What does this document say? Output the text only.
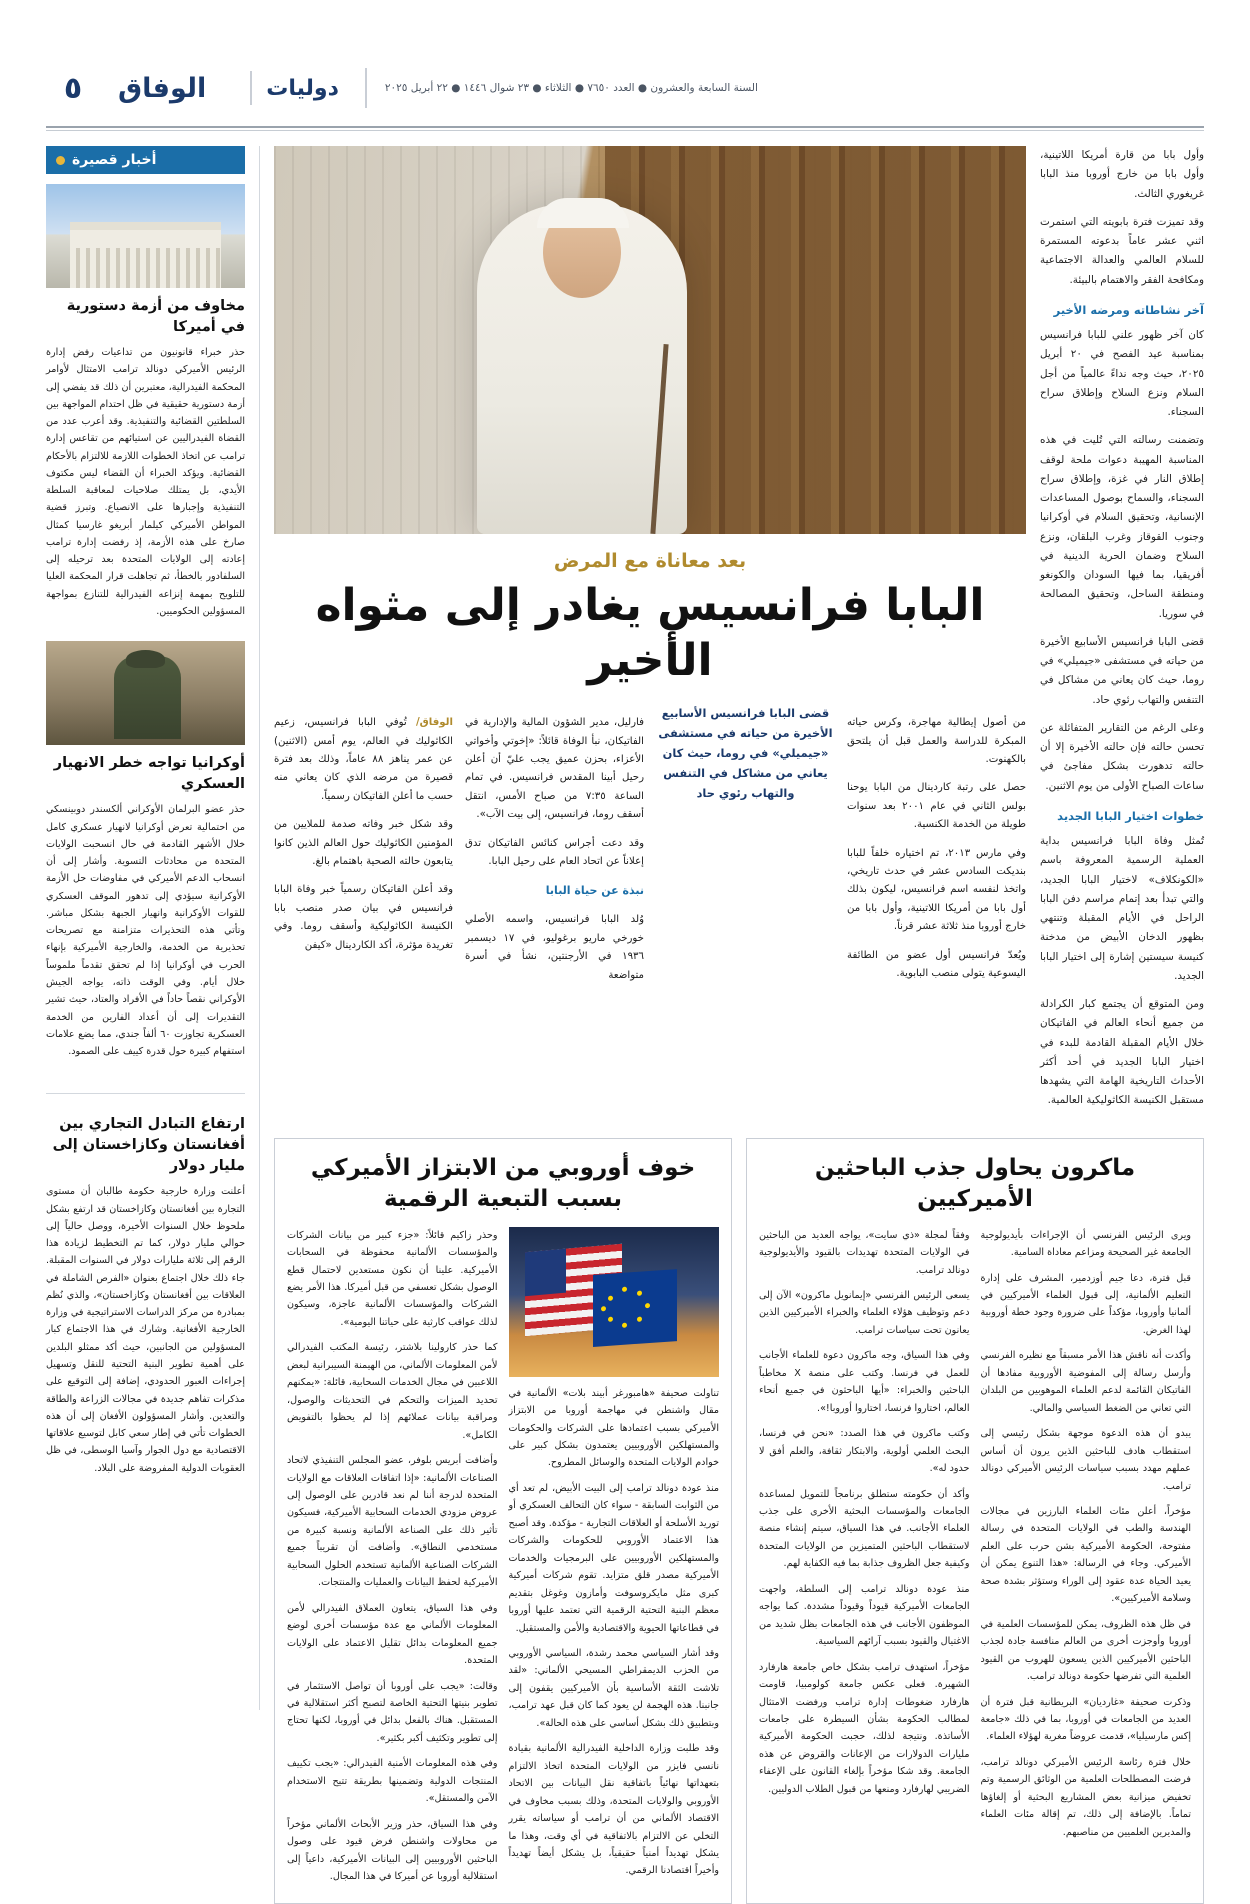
٥	الوفاق	دوليات	السنة السابعة والعشرون ● العدد ٧٦٥٠ ● الثلاثاء ● ٢٣ شوال ١٤٤٦ ● ٢٢ أبريل ٢٠٢٥

وأول بابا من قارة أمريكا اللاتينية، وأول بابا من خارج أوروبا منذ البابا غريغوري الثالث.

وقد تميزت فترة بابويته التي استمرت اثني عشر عاماً بدعوته المستمرة للسلام العالمي والعدالة الاجتماعية ومكافحة الفقر والاهتمام بالبيئة.

آخر نشاطاته ومرضه الأخير

كان آخر ظهور علني للبابا فرانسيس بمناسبة عيد الفصح في ٢٠ أبريل ٢٠٢٥، حيث وجه نداءً عالمياً من أجل السلام ونزع السلاح وإطلاق سراح السجناء.

وتضمنت رسالته التي تُليت في هذه المناسبة المهيبة دعوات ملحة لوقف إطلاق النار في غزة، وإطلاق سراح السجناء، والسماح بوصول المساعدات الإنسانية، وتحقيق السلام في أوكرانيا وجنوب القوقاز وغرب البلقان، ونزع السلاح وضمان الحرية الدينية في أفريقيا، بما فيها السودان والكونغو ومنطقة الساحل، وتحقيق المصالحة في سوريا.

قضى البابا فرانسيس الأسابيع الأخيرة من حياته في مستشفى «جيميلي» في روما، حيث كان يعاني من مشاكل في التنفس والتهاب رئوي حاد.

وعلى الرغم من التقارير المتفائلة عن تحسن حالته فإن حالته الأخيرة إلا أن حالته تدهورت بشكل مفاجئ في ساعات الصباح الأولى من يوم الاثنين.

خطوات اختيار البابا الجديد

تُمثل وفاة البابا فرانسيس بداية العملية الرسمية المعروفة باسم «الكونكلاف» لاختيار البابا الجديد، والتي تبدأ بعد إتمام مراسم دفن البابا الراحل في الأيام المقبلة وتنتهي بظهور الدخان الأبيض من مدخنة كنيسة سيستين إشارة إلى اختيار البابا الجديد.

ومن المتوقع أن يجتمع كبار الكرادلة من جميع أنحاء العالم في الفاتيكان خلال الأيام المقبلة القادمة للبدء في اختيار البابا الجديد في أحد أكثر الأحداث التاريخية الهامة التي يشهدها مستقبل الكنيسة الكاثوليكية العالمية.

بعد معاناة مع المرض
البابا فرانسيس يغادر إلى مثواه الأخير

من أصول إيطالية مهاجرة، وكرس حياته المبكرة للدراسة والعمل قبل أن يلتحق بالكهنوت.

حصل على رتبة كاردينال من البابا يوحنا بولس الثاني في عام ٢٠٠١ بعد سنوات طويلة من الخدمة الكنسية.

وفي مارس ٢٠١٣، تم اختياره خلفاً للبابا بنديكت السادس عشر في حدث تاريخي، واتخذ لنفسه اسم فرانسيس، ليكون بذلك أول بابا من أمريكا اللاتينية، وأول بابا من خارج أوروبا منذ ثلاثة عشر قرناً.

ويُعدّ فرانسيس أول عضو من الطائفة اليسوعية يتولى منصب البابوية.

قضى البابا فرانسيس الأسابيع الأخيرة من حياته في مستشفى «جيميلي» في روما، حيث كان يعاني من مشاكل في التنفس والتهاب رئوي حاد

فارليل، مدير الشؤون المالية والإدارية في الفاتيكان، نبأ الوفاة قائلاً: «إخوتي وأخواتي الأعزاء، بحزن عميق يجب عليّ أن أعلن رحيل أبينا المقدس فرانسيس. في تمام الساعة ٧:٣٥ من صباح الأمس، انتقل أسقف روما، فرانسيس، إلى بيت الآب».

وقد دعت أجراس كنائس الفاتيكان تدق إعلاناً عن اتحاد العام على رحيل البابا.

نبذة عن حياة البابا

وُلد البابا فرانسيس، واسمه الأصلي خورخي ماريو برغوليو، في ١٧ ديسمبر ١٩٣٦ في الأرجنتين، نشأ في أسرة متواضعة

الوفاق/ تُوفي البابا فرانسيس، زعيم الكاثوليك في العالم، يوم أمس (الاثنين) عن عمر يناهز ٨٨ عاماً، وذلك بعد فترة قصيرة من مرضه الذي كان يعاني منه حسب ما أعلن الفاتيكان رسمياً.

وقد شكل خبر وفاته صدمة للملايين من المؤمنين الكاثوليك حول العالم الذين كانوا يتابعون حالته الصحية باهتمام بالغ.

وقد أعلن الفاتيكان رسمياً خبر وفاة البابا فرانسيس في بيان صدر منصب بابا الكنيسة الكاثوليكية وأسقف روما. وفي تغريدة مؤثرة، أكد الكاردينال «كيفن

ماكرون يحاول جذب الباحثين الأميركيين

ويرى الرئيس الفرنسي أن الإجراءات بأيديولوجية الجامعة غير الصحيحة ومزاعم معاداة السامية.

قبل فترة، دعا جيم أوزدمير، المشرف على إدارة التعليم الألمانية، إلى قبول العلماء الأميركيين في ألمانيا وأوروبا، مؤكداً على ضرورة وجود خطة أوروبية لهذا الغرض.

وأكدت أنه ناقش هذا الأمر مسبقاً مع نظيره الفرنسي وأرسل رسالة إلى المفوضية الأوروبية مفادها أن الفاتيكان القائمة لدعم العلماء الموهوبين من البلدان التي تعاني من الضغط السياسي والمالي.

يبدو أن هذه الدعوة موجهة بشكل رئيسي إلى استقطاب هادف للباحثين الذين يرون أن أساس عملهم مهدد بسبب سياسات الرئيس الأميركي دونالد ترامب.

مؤخراً، أعلن مئات العلماء البارزين في مجالات الهندسة والطب في الولايات المتحدة في رسالة مفتوحة، الحكومة الأميركية بشن حرب على العلم الأميركي. وجاء في الرسالة: «هذا التنوع يمكن أن يعيد الحياة عدة عقود إلى الوراء وستؤثر بشدة صحة وسلامة الأميركيين».

في ظل هذه الظروف، يمكن للمؤسسات العلمية في أوروبا وأوجزت أخرى من العالم منافسة جادة لجذب الباحثين الأميركيين الذين يسعون للهروب من القيود العلمية التي تفرضها حكومة دونالد ترامب.

وذكرت صحيفة «غارديان» البريطانية قبل فترة أن العديد من الجامعات في أوروبا، بما في ذلك «جامعة إكس مارسيليا»، قدمت عروضاً مغرية لهؤلاء العلماء.

خلال فترة رئاسة الرئيس الأميركي دونالد ترامب، فرضت المصطلحات العلمية من الوثائق الرسمية وتم تخفيض ميزانية بعض المشاريع البحثية أو إلغاؤها تماماً. بالإضافة إلى ذلك، تم إقالة مئات العلماء والمديرين العلميين من مناصبهم.

وفقاً لمجلة «ذي سايت»، يواجه العديد من الباحثين في الولايات المتحدة تهديدات بالقيود والأيديولوجية دونالد ترامب.

يسعى الرئيس الفرنسي «إيمانويل ماكرون» الآن إلى دعم وتوظيف هؤلاء العلماء والخبراء الأميركيين الذين يعانون تحت سياسات ترامب.

وفي هذا السياق، وجه ماكرون دعوة للعلماء الأجانب للعمل في فرنسا. وكتب على منصة X مخاطباً الباحثين والخبراء: «أيها الباحثون في جميع أنحاء العالم، اختاروا فرنسا، اختاروا أوروبا!».

وكتب ماكرون في هذا الصدد: «نحن في فرنسا، البحث العلمي أولوية، والابتكار ثقافة، والعلم أفق لا حدود له».

وأكد أن حكومته ستطلق برنامجاً للتمويل لمساعدة الجامعات والمؤسسات البحثية الأخرى على جذب العلماء الأجانب. في هذا السياق، سيتم إنشاء منصة لاستقطاب الباحثين المتميزين من الولايات المتحدة وكيفية جعل الظروف جذابة بما فيه الكفاية لهم.

منذ عودة دونالد ترامب إلى السلطة، واجهت الجامعات الأميركية قيوداً وقيوداً مشددة. كما يواجه الموظفون الأجانب في هذه الجامعات بظل شديد من الاغتيال والقيود بسبب آرائهم السياسية.

مؤخراً، استهدف ترامب بشكل خاص جامعة هارفارد الشهيرة. فعلى عكس جامعة كولومبيا، قاومت هارفارد ضغوطات إدارة ترامب ورفضت الامتثال لمطالب الحكومة بشأن السيطرة على جامعات الأساتذة. ونتيجة لذلك، حجبت الحكومة الأميركية مليارات الدولارات من الإعانات والقروض عن هذه الجامعة. وقد شكا مؤخراً بإلغاء القانون على الإعفاء الضريبي لهارفارد ومنعها من قبول الطلاب الدوليين.

خوف أوروبي من الابتزاز الأميركي بسبب التبعية الرقمية

تناولت صحيفة «هامبورغر أبيند بلات» الألمانية في مقال واشنطن في مهاجمة أوروبا من الابتزاز الأميركي بسبب اعتمادها على الشركات والحكومات والمستهلكين الأوروبيين يعتمدون بشكل كبير على خوادم الولايات المتحدة والوسائل المطروح.

منذ عودة دونالد ترامب إلى البيت الأبيض، لم تعد أي من الثوابت السابقة - سواء كان التحالف العسكري أو توريد الأسلحة أو العلاقات التجارية - مؤكدة. وقد أصبح هذا الاعتماد الأوروبي للحكومات والشركات والمستهلكين الأوروبيين على البرمجيات والخدمات الأميركية مصدر قلق متزايد. تقوم شركات أميركية كبرى مثل مايكروسوفت وأمازون وغوغل بتقديم معظم البنية التحتية الرقمية التي تعتمد عليها أوروبا في قطاعاتها الحيوية والاقتصادية والأمن والمستقبل.

وقد أشار السياسي محمد رشدة، السياسي الأوروبي من الحزب الديمقراطي المسيحي الألماني: «لقد تلاشت الثقة الأساسية بأن الأميركيين يقفون إلى جانبنا. هذه الهجمة لن يعود كما كان قبل عهد ترامب، وبتطبيق ذلك بشكل أساسي على هذه الحالة».

وقد طلبت وزارة الداخلية الفيدرالية الألمانية بقيادة نانسي فايزر من الولايات المتحدة اتخاذ الالتزام بتعهداتها نهائياً باتفاقية نقل البيانات بين الاتحاد الأوروبي والولايات المتحدة، وذلك بسبب مخاوف في الاقتصاد الألماني من أن ترامب أو سياساته يقرر التخلي عن الالتزام بالاتفاقية في أي وقت، وهذا ما يشكل تهديداً أمنياً حقيقياً، بل يشكل أيضاً تهديداً وأخيراً اقتصادنا الرقمي.

وحذر زاكيم قائلاً: «جزء كبير من بيانات الشركات والمؤسسات الألمانية محفوظة في السحابات الأميركية. علينا أن نكون مستعدين لاحتمال قطع الوصول بشكل تعسفي من قبل أميركا. هذا الأمر يضع الشركات والمؤسسات الألمانية عاجزة، وسيكون لذلك عواقب كارثية على حياتنا اليومية».

كما حذر كارولينا بلاشتر، رئيسة المكتب الفيدرالي لأمن المعلومات الألماني، من الهيمنة السيبرانية لبعض اللاعبين في مجال الخدمات السحابية، قائلة: «يمكنهم تحديد الميزات والتحكم في التحديثات والوصول، ومراقبة بيانات عملائهم إذا لم يحظوا بالتفويض الكامل».

وأضافت أبريس بلوفر، عضو المجلس التنفيذي لاتحاد الصناعات الألمانية: «إذا اتفاقات العلاقات مع الولايات المتحدة لدرجة أننا لم نعد قادرين على الوصول إلى عروض مزودي الخدمات السحابية الأميركية، فسيكون تأثير ذلك على الصناعة الألمانية ونسبة كبيرة من مستخدمي النطاق». وأضافت أن تقريباً جميع الشركات الصناعية الألمانية تستخدم الحلول السحابية الأميركية لحفظ البيانات والعمليات والمنتجات.

وفي هذا السياق، يتعاون العملاق الفيدرالي لأمن المعلومات الألماني مع عدة مؤسسات أخرى لوضع جميع المعلومات بدائل تقليل الاعتماد على الولايات المتحدة.

وقالت: «يجب على أوروبا أن تواصل الاستثمار في تطوير بنيتها التحتية الخاصة لتصبح أكثر استقلالية في المستقبل. هناك بالفعل بدائل في أوروبا، لكنها تحتاج إلى تطوير وتكثيف أكبر بكثير».

وفي هذه المعلومات الأمنية الفيدرالي: «يجب تكييف المنتجات الدولية وتضمينها بطريقة تتيح الاستخدام الآمن والمستقل».

وفي هذا السياق، حذر وزير الأبحاث الألماني مؤخراً من محاولات واشنطن فرض قيود على وصول الباحثين الأوروبيين إلى البيانات الأميركية، داعياً إلى استقلالية أوروبا عن أميركا في هذا المجال.

أخبار قصيرة
مخاوف من أزمة دستورية في أميركا

حذر خبراء قانونيون من تداعيات رفض إدارة الرئيس الأميركي دونالد ترامب الامتثال لأوامر المحكمة الفيدرالية، معتبرين أن ذلك قد يفضي إلى أزمة دستورية حقيقية في ظل احتدام المواجهة بين السلطتين القضائية والتنفيذية. وقد أعرب عدد من القضاة الفيدراليين عن استيائهم من تقاعس إدارة ترامب عن اتخاذ الخطوات اللازمة للالتزام بالأحكام القضائية. ويؤكد الخبراء أن القضاء ليس مكتوف الأيدي، بل يمتلك صلاحيات لمعاقبة السلطة التنفيذية وإجبارها على الانصياع. وتبرز قضية المواطن الأميركي كيلمار أبريغو غارسيا كمثال صارخ على هذه الأزمة، إذ رفضت إدارة ترامب إعادته إلى الولايات المتحدة بعد ترحيله إلى السلفادور بالخطأ، ثم تجاهلت قرار المحكمة العليا للتلويح بمهمة إنزاعه الفيدرالية للتنازع بمواجهة المسؤولين الحكوميين.

أوكرانيا تواجه خطر الانهيار العسكري

حذر عضو البرلمان الأوكراني ألكسندر دوبينسكي من احتمالية تعرض أوكرانيا لانهيار عسكري كامل خلال الأشهر القادمة في حال انسحبت الولايات المتحدة من محادثات التسوية. وأشار إلى أن انسحاب الدعم الأميركي في مفاوضات حل الأزمة الأوكرانية سيؤدي إلى تدهور الموقف العسكري للقوات الأوكرانية وانهيار الجبهة بشكل مباشر. وتأتي هذه التحذيرات متزامنة مع تصريحات تحذيرية من الخدمة، والخارجية الأميركية بإنهاء الحرب في أوكرانيا إذا لم تحقق تقدماً ملموساً خلال أيام. وفي الوقت ذاته، يواجه الجيش الأوكراني نقصاً حاداً في الأفراد والعتاد، حيث تشير التقديرات إلى أن أعداد الفارين من الخدمة العسكرية تجاوزت ٦٠ ألفاً جندي، مما يضع علامات استفهام كبيرة حول قدرة كييف على الصمود.

ارتفاع التبادل التجاري بين أفغانستان وكازاخستان إلى مليار دولار

أعلنت وزارة خارجية حكومة طالبان أن مستوى التجارة بين أفغانستان وكازاخستان قد ارتفع بشكل ملحوظ خلال السنوات الأخيرة، ووصل حالياً إلى حوالي مليار دولار، كما تم التخطيط لزيادة هذا الرقم إلى ثلاثة مليارات دولار في السنوات المقبلة. جاء ذلك خلال اجتماع بعنوان «الفرص الشاملة في العلاقات بين أفغانستان وكازاخستان»، والذي نُظم بمبادرة من مركز الدراسات الاستراتيجية في وزارة الخارجية الأفغانية. وشارك في هذا الاجتماع كبار المسؤولين من الجانبين، حيث أكد ممثلو البلدين على أهمية تطوير البنية التحتية للنقل وتسهيل إجراءات العبور الحدودي، إضافة إلى التوقيع على مذكرات تفاهم جديدة في مجالات الزراعة والطاقة والتعدين. وأشار المسؤولون الأفغان إلى أن هذه الخطوات تأتي في إطار سعي كابل لتوسيع علاقاتها الاقتصادية مع دول الجوار وآسيا الوسطى، في ظل العقوبات الدولية المفروضة على البلاد.
